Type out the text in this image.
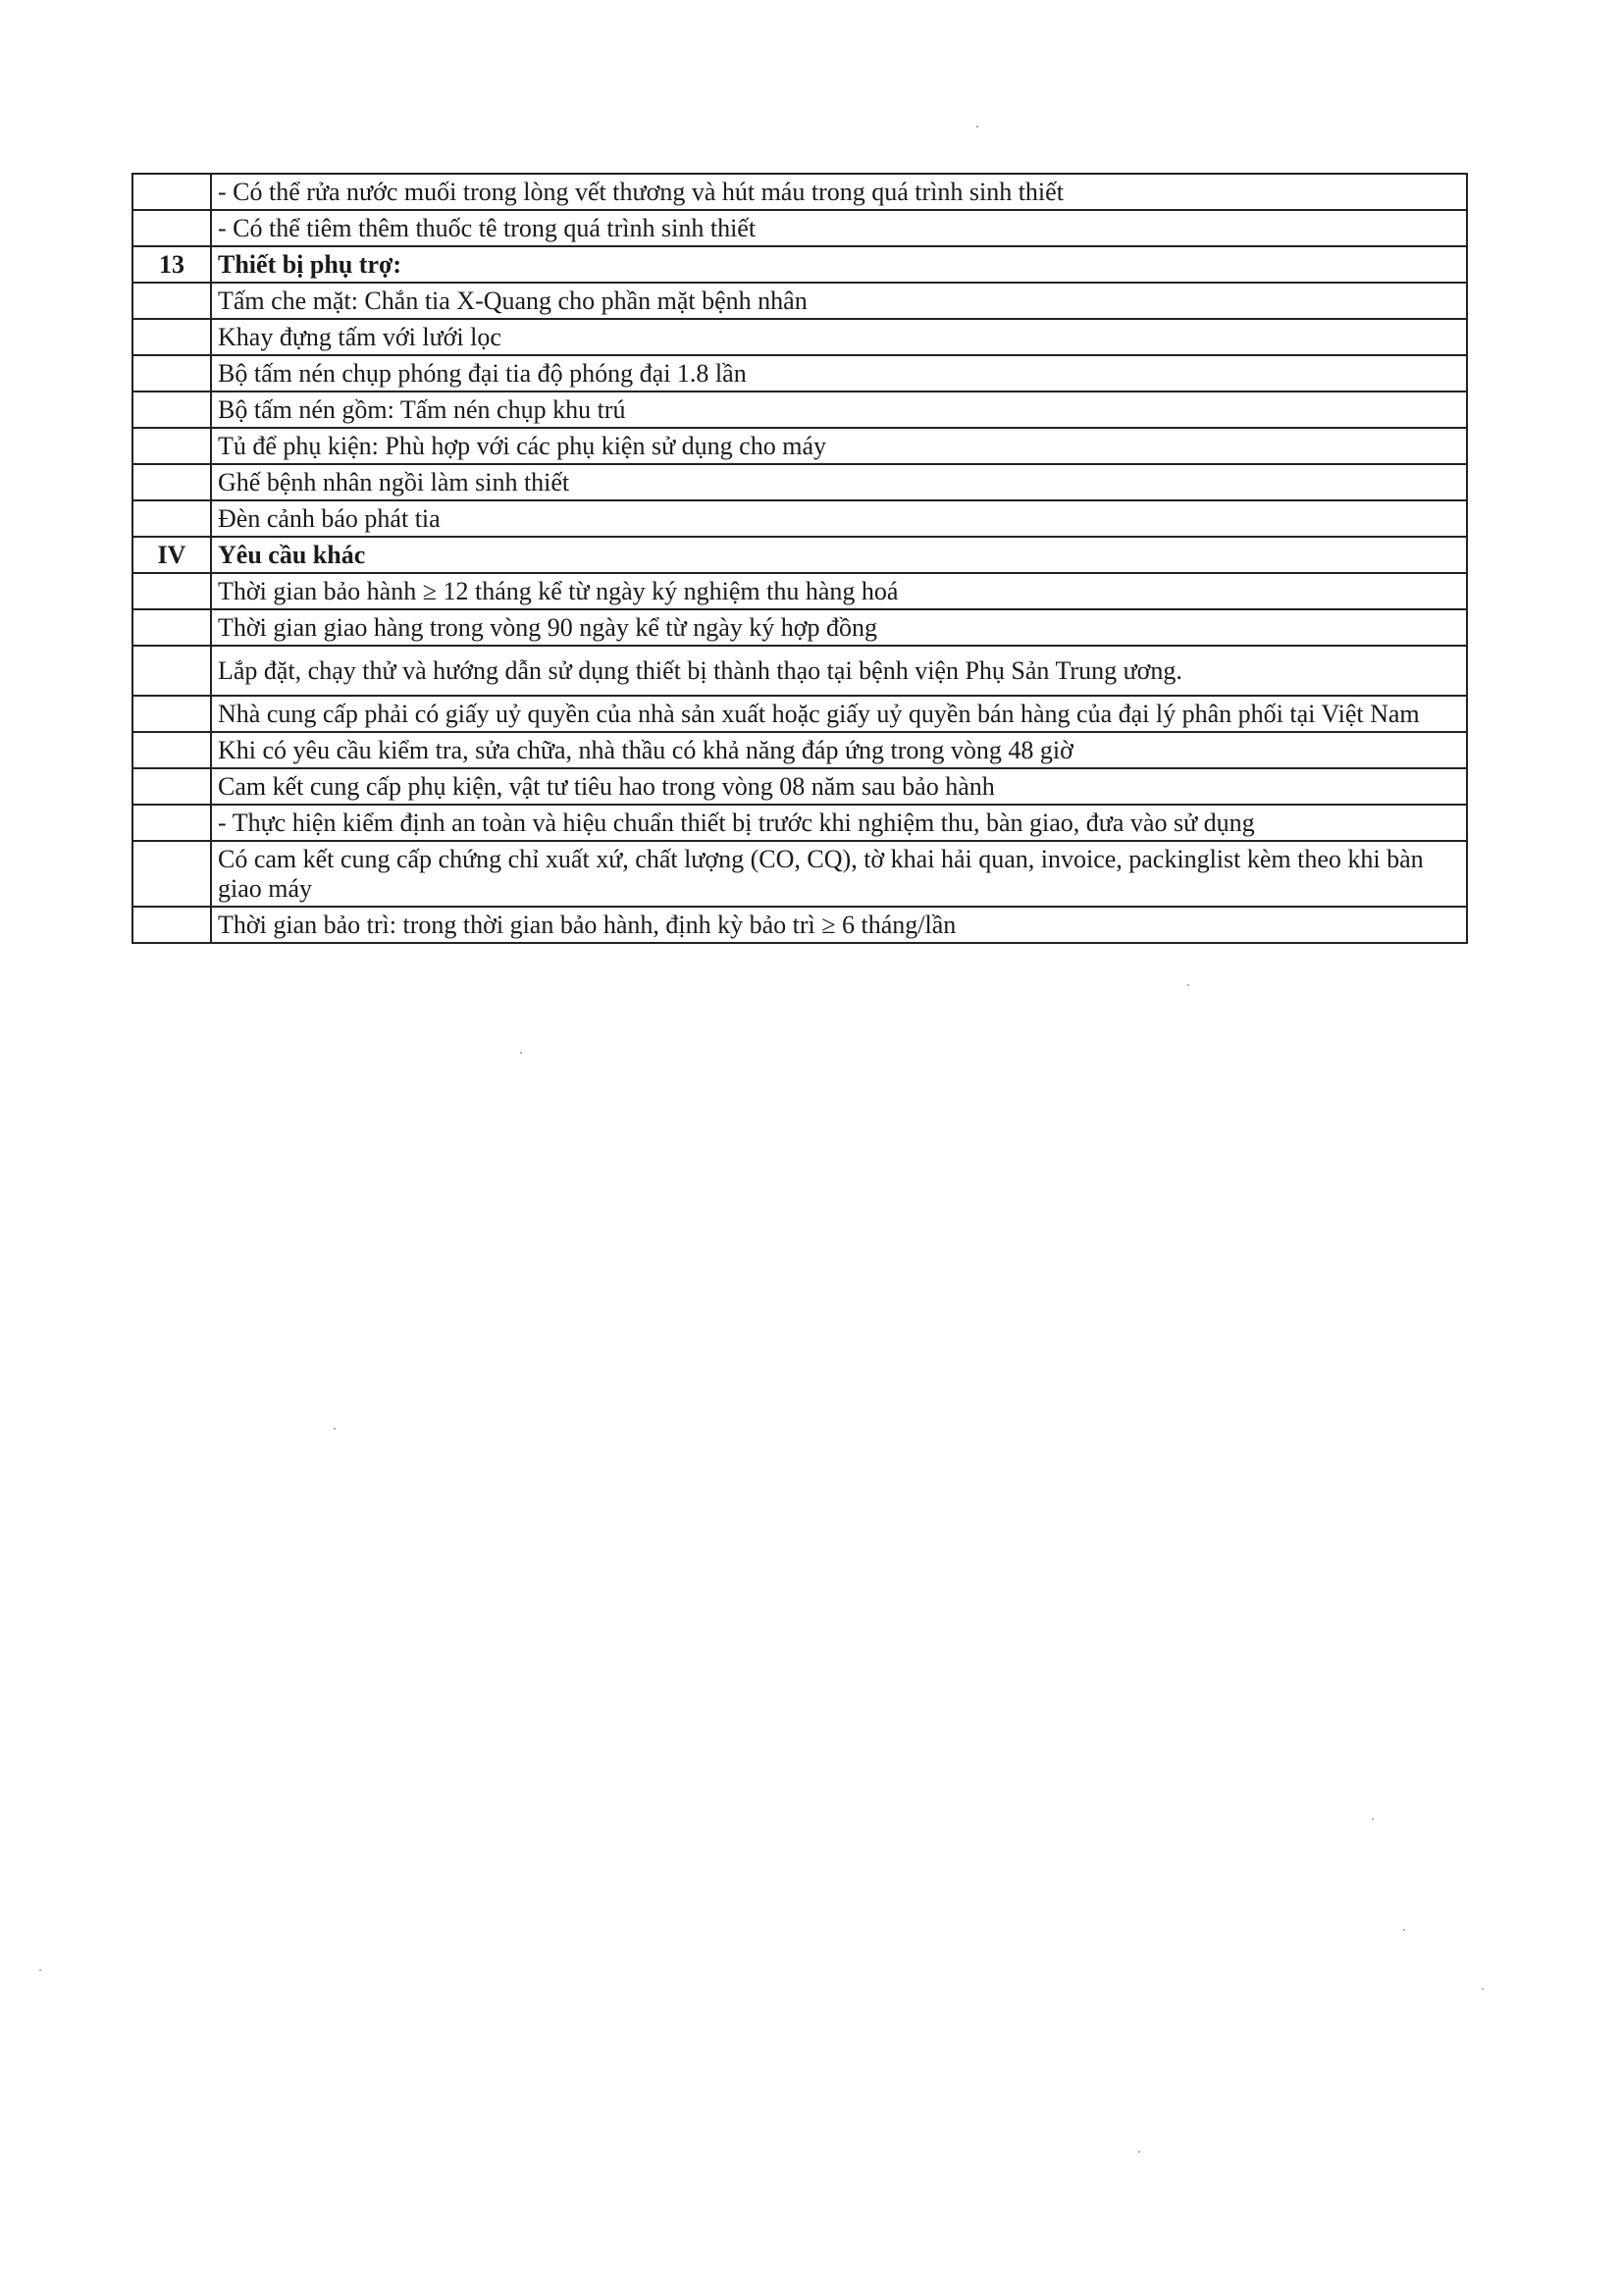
	- Có thể rửa nước muối trong lòng vết thương và hút máu trong quá trình sinh thiết
	- Có thể tiêm thêm thuốc tê trong quá trình sinh thiết
13	Thiết bị phụ trợ:
	Tấm che mặt: Chắn tia X-Quang cho phần mặt bệnh nhân
	Khay đựng tấm với lưới lọc
	Bộ tấm nén chụp phóng đại tia độ phóng đại 1.8 lần
	Bộ tấm nén gồm: Tấm nén chụp khu trú
	Tủ để phụ kiện: Phù hợp với các phụ kiện sử dụng cho máy
	Ghế bệnh nhân ngồi làm sinh thiết
	Đèn cảnh báo phát tia
IV	Yêu cầu khác
	Thời gian bảo hành ≥ 12 tháng kể từ ngày ký nghiệm thu hàng hoá
	Thời gian giao hàng trong vòng 90 ngày kể từ ngày ký hợp đồng
	Lắp đặt, chạy thử và hướng dẫn sử dụng thiết bị thành thạo tại bệnh viện Phụ Sản Trung ương.
	Nhà cung cấp phải có giấy uỷ quyền của nhà sản xuất hoặc giấy uỷ quyền bán hàng của đại lý phân phối tại Việt Nam
	Khi có yêu cầu kiểm tra, sửa chữa, nhà thầu có khả năng đáp ứng trong vòng 48 giờ
	Cam kết cung cấp phụ kiện, vật tư tiêu hao trong vòng 08 năm sau bảo hành
	- Thực hiện kiểm định an toàn và hiệu chuẩn thiết bị trước khi nghiệm thu, bàn giao, đưa vào sử dụng
	Có cam kết cung cấp chứng chỉ xuất xứ, chất lượng (CO, CQ), tờ khai hải quan, invoice, packinglist kèm theo khi bàn giao máy
	Thời gian bảo trì: trong thời gian bảo hành, định kỳ bảo trì ≥ 6 tháng/lần
